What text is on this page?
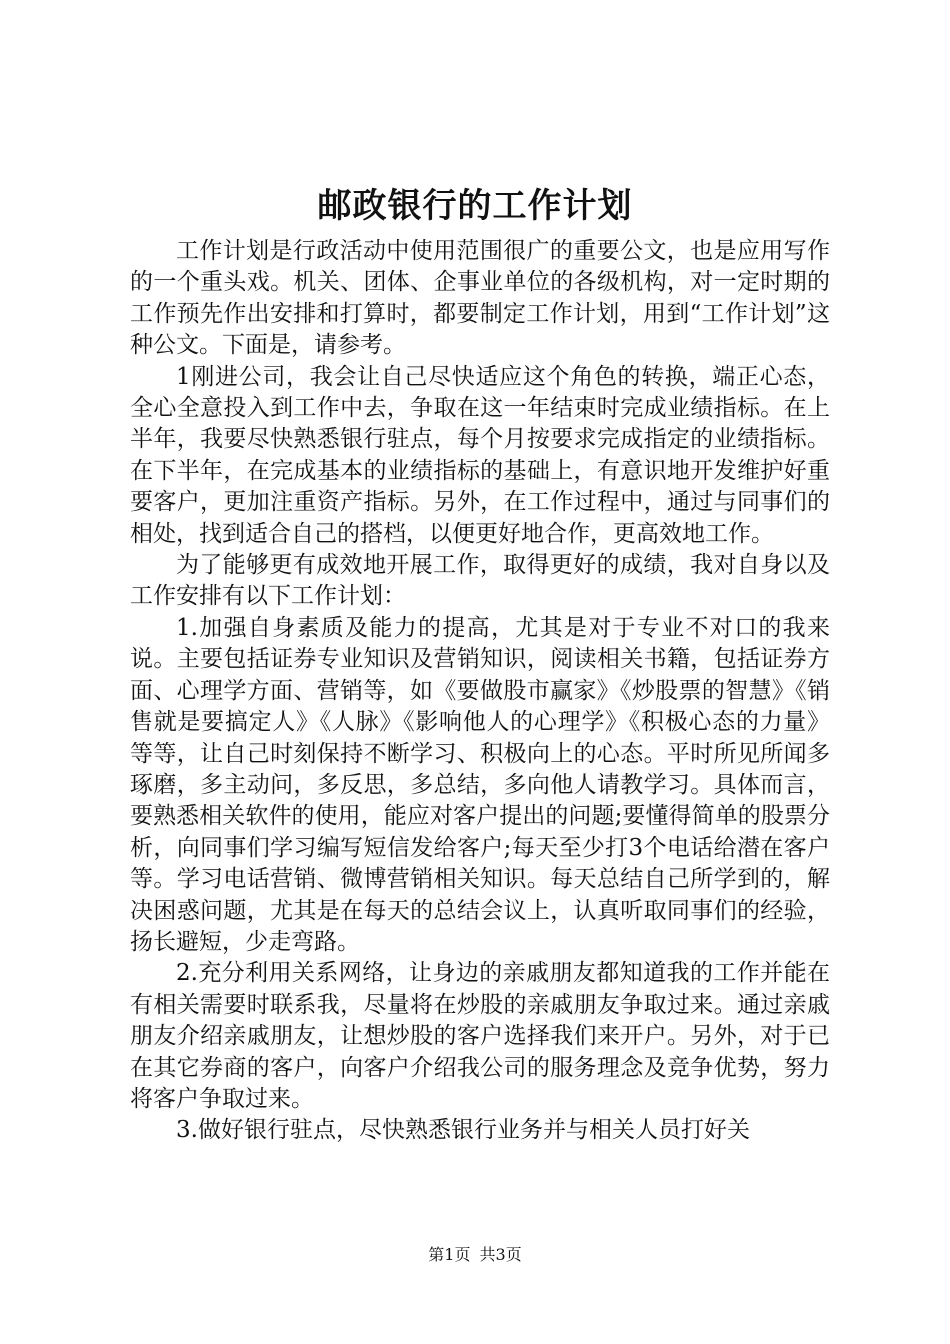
邮政银行的工作计划

工作计划是行政活动中使用范围很广的重要公文，也是应用写作的一个重头戏。机关、团体、企事业单位的各级机构，对一定时期的工作预先作出安排和打算时，都要制定工作计划，用到“工作计划”这种公文。下面是，请参考。

1刚进公司，我会让自己尽快适应这个角色的转换，端正心态，全心全意投入到工作中去，争取在这一年结束时完成业绩指标。在上半年，我要尽快熟悉银行驻点，每个月按要求完成指定的业绩指标。在下半年，在完成基本的业绩指标的基础上，有意识地开发维护好重要客户，更加注重资产指标。另外，在工作过程中，通过与同事们的相处，找到适合自己的搭档，以便更好地合作，更高效地工作。

为了能够更有成效地开展工作，取得更好的成绩，我对自身以及工作安排有以下工作计划：

1.加强自身素质及能力的提高，尤其是对于专业不对口的我来说。主要包括证券专业知识及营销知识，阅读相关书籍，包括证券方面、心理学方面、营销等，如《要做股市赢家》《炒股票的智慧》《销售就是要搞定人》《人脉》《影响他人的心理学》《积极心态的力量》等等，让自己时刻保持不断学习、积极向上的心态。平时所见所闻多琢磨，多主动问，多反思，多总结，多向他人请教学习。具体而言，要熟悉相关软件的使用，能应对客户提出的问题;要懂得简单的股票分析，向同事们学习编写短信发给客户;每天至少打3个电话给潜在客户等。学习电话营销、微博营销相关知识。每天总结自己所学到的，解决困惑问题，尤其是在每天的总结会议上，认真听取同事们的经验，扬长避短，少走弯路。

2.充分利用关系网络，让身边的亲戚朋友都知道我的工作并能在有相关需要时联系我，尽量将在炒股的亲戚朋友争取过来。通过亲戚朋友介绍亲戚朋友，让想炒股的客户选择我们来开户。另外，对于已在其它券商的客户，向客户介绍我公司的服务理念及竞争优势，努力将客户争取过来。

3.做好银行驻点，尽快熟悉银行业务并与相关人员打好关

第1页 共3页
